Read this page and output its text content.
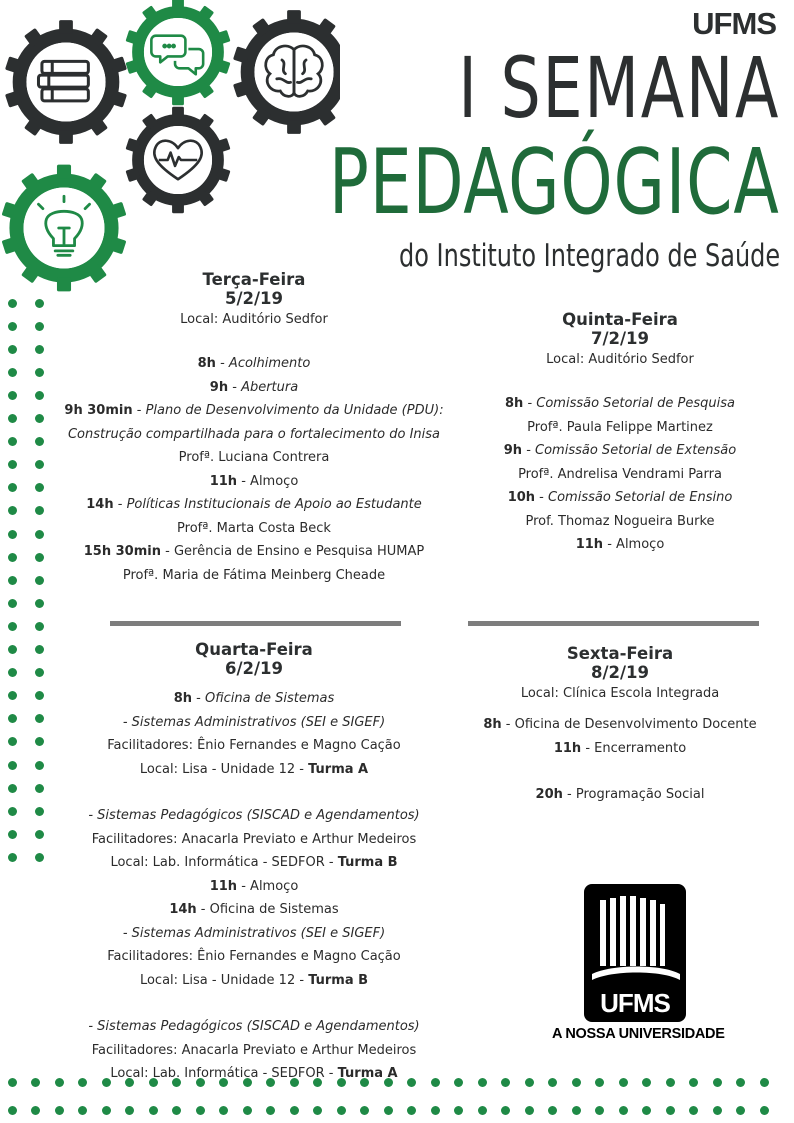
UFMS
I SEMANA
PEDAGÓGICA
do Instituto Integrado de Saúde
Terça-Feira
5/2/19
Local: Auditório Sedfor
8h - Acolhimento
9h - Abertura
9h 30min - Plano de Desenvolvimento da Unidade (PDU):
Construção compartilhada para o fortalecimento do Inisa
Profª. Luciana Contrera
11h - Almoço
14h - Políticas Institucionais de Apoio ao Estudante
Profª. Marta Costa Beck
15h 30min - Gerência de Ensino e Pesquisa HUMAP
Profª. Maria de Fátima Meinberg Cheade
Quinta-Feira
7/2/19
Local: Auditório Sedfor
8h - Comissão Setorial de Pesquisa
Profª. Paula Felippe Martinez
9h - Comissão Setorial de Extensão
Profª. Andrelisa Vendrami Parra
10h - Comissão Setorial de Ensino
Prof. Thomaz Nogueira Burke
11h - Almoço
Quarta-Feira
6/2/19
8h - Oficina de Sistemas
- Sistemas Administrativos (SEI e SIGEF)
Facilitadores: Ênio Fernandes e Magno Cação
Local: Lisa - Unidade 12 - Turma A
- Sistemas Pedagógicos (SISCAD e Agendamentos)
Facilitadores: Anacarla Previato e Arthur Medeiros
Local: Lab. Informática - SEDFOR - Turma B
11h - Almoço
14h - Oficina de Sistemas
- Sistemas Administrativos (SEI e SIGEF)
Facilitadores: Ênio Fernandes e Magno Cação
Local: Lisa - Unidade 12 - Turma B
- Sistemas Pedagógicos (SISCAD e Agendamentos)
Facilitadores: Anacarla Previato e Arthur Medeiros
Local: Lab. Informática - SEDFOR - Turma A
Sexta-Feira
8/2/19
Local: Clínica Escola Integrada
8h - Oficina de Desenvolvimento Docente
11h - Encerramento
20h - Programação Social
UFMS
A NOSSA UNIVERSIDADE
